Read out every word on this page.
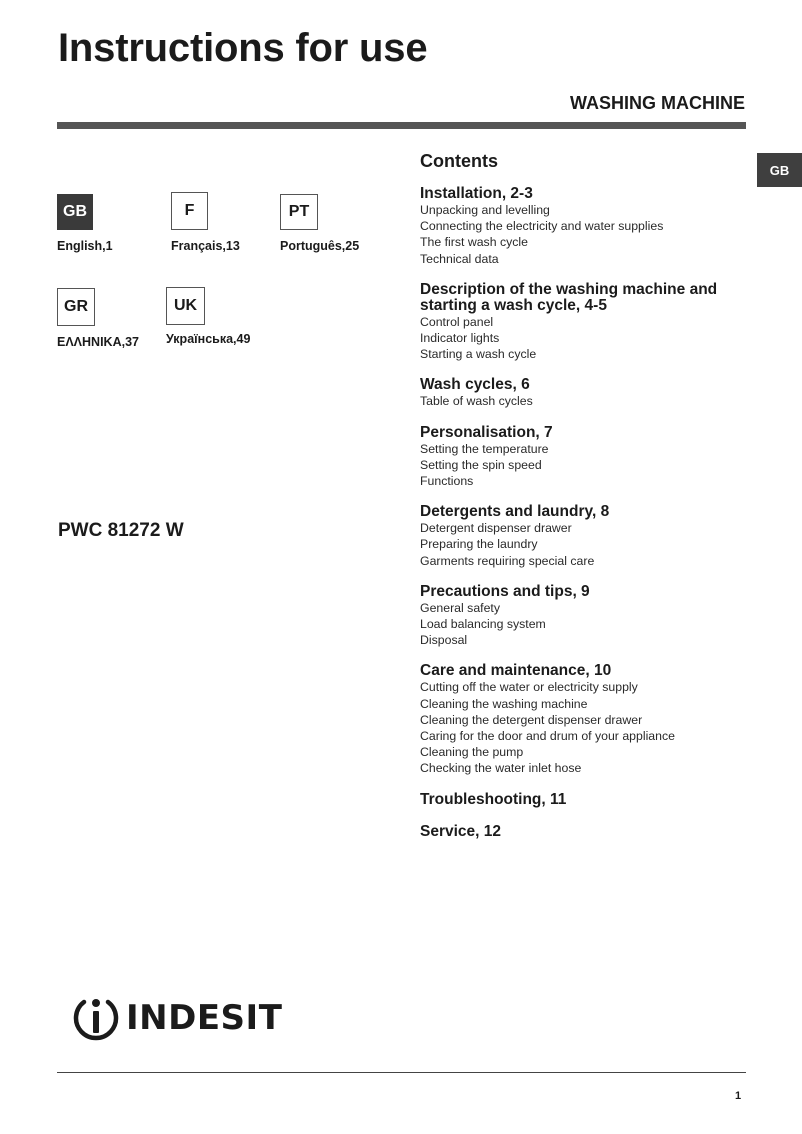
Instructions for use
WASHING MACHINE
GB
GB
English,1
F
Français,13
PT
Português,25
GR
ΕΛΛΗΝΙΚΑ,37
UK
Українська,49
PWC 81272 W
Contents
Installation, 2-3
Unpacking and levelling
Connecting the electricity and water supplies
The first wash cycle
Technical data
Description of the washing machine and starting a wash cycle, 4-5
Control panel
Indicator lights
Starting a wash cycle
Wash cycles, 6
Table of wash cycles
Personalisation, 7
Setting the temperature
Setting the spin speed
Functions
Detergents and laundry, 8
Detergent dispenser drawer
Preparing the laundry
Garments requiring special care
Precautions and tips, 9
General safety
Load balancing system
Disposal
Care and maintenance, 10
Cutting off the water or electricity supply
Cleaning the washing machine
Cleaning the detergent dispenser drawer
Caring for the door and drum of your appliance
Cleaning the pump
Checking the water inlet hose
Troubleshooting, 11
Service, 12
INDESIT
1
